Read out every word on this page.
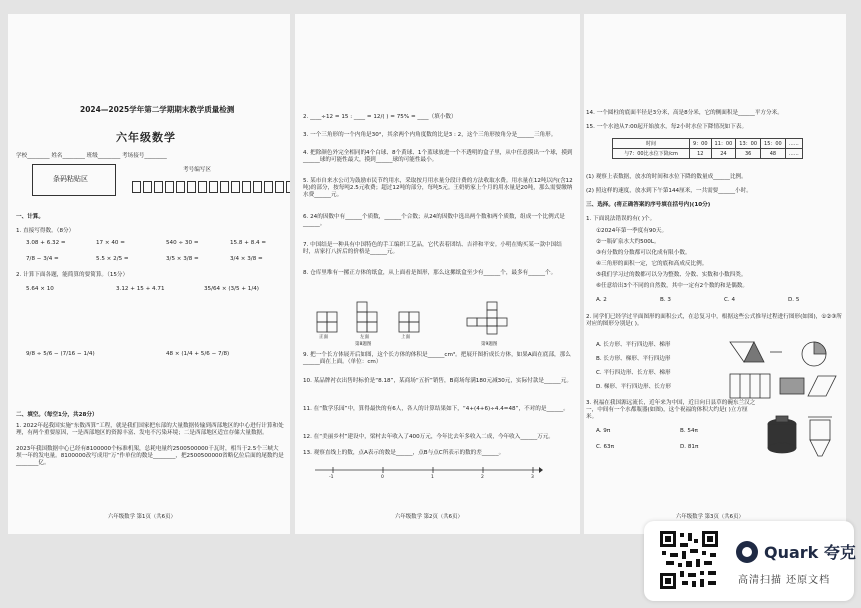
2024—2025学年第二学期期末教学质量检测
六年级数学
学校________ 姓名________ 班级________ 考场接号________
条码粘贴区
考号编写区
一、计算。
1. 直接写得数。（8分）
3.08 + 6.32 =	17 × 40 =	540 ÷ 30 =	15.8 + 8.4 =
7/8 − 3/4 =	5.5 × 2/5 =	3/5 × 3/8 =	3/4 × 3/8 =
2. 计算下面各题，能简算的要简算。（15分）
5.64 × 10	3.12 + 15 + 4.71	35/64 × (3/5 + 1/4)
9/8 ÷ 5/6 − (7/16 − 1/4)	48 × (1/4 + 5/6 − 7/8)
二、填空。（每空1分，共28分）
1. 2022年起我国实施“东数西算”工程，就是我们国家把东部的大量数据传输到西部地区的中心进行计算和处理，有两个重要原因，一是西部地区的资源丰富、发电不污染环境；二是西部地区适宜存储大量数据。
2023年我国数据中心已经有8100000个标准机架，总耗电量约2500500000千瓦时，相当于2.5个三峡大坝一年的发电量。8100000改写成用“万”作单位的数是________，把2500500000省略亿位后面的尾数约是________亿。
六年级数学 第1页（共6页）
2. ____÷12 = 15 : ____ = 12/( ) = 75% = ____（填小数）
3. 一个三角形的一个内角是30°，其余两个内角度数的比是3 : 2，这个三角形按角分是______三角形。
4. 把除颜色外完全相同的4个白球、8个黄球、1个蓝球放进一个不透明的盒子里，从中任意摸出一个球，摸到______球的可能性最大，摸到______球的可能性最小。
5. 某市自来水公司为鼓励市民节约用水，采取按月用水量分段计费的方法收取水费。用水量在12吨以内(含12吨)的部分，按每吨2.5元收费；超过12吨的部分，每吨5元。王奶奶家上个月的用水量是20吨，那么需要缴纳水费______元。
6. 24的因数中有______个质数，______个合数；从24的因数中选出两个数和两个质数，组成一个比例式是______。
7. 中国结是一种具有中国特色的手工编织工艺品，它代表着团结、吉祥和平安。小明在购买某一款中国结时，店家打八折后的价格是______元。
8. 仓库里堆有一摞正方体的纸盒，从上面看是图形，那么这摞纸盒至少有______个，最多有______个。
正面	左面	上面
第8题图	第9题图
9. 把一个长方体展开后如图，这个长方体的体积是______cm³。把展开图折成长方体，如果A面在底部，那么______面在上面。（单位：cm）
10. 某品牌衬衣出售时标价是“8.18”，某商场“五折”销售，B商场每满180元减30元，实际付款是______元。
11. 在“数学乐园”中，算得最快的有6人，各人的计算结果如下，“4+(4+6)÷4.4=48”，不对的是______。
12. 在“美丽乡村”建设中，梁村去年收入了400万元，今年比去年多收入二成，今年收入______万元。
13. 观察直线上的数，点A表示的数是______，点B与点C所表示的数的差______。
-1	0	1	2	3
六年级数学 第2页（共6页）
14. 一个圆柱的底面半径是3分米，高是8分米，它的侧面积是______平方分米。
15. 一个水池从7:00起开始放水，每2小时水位下降情况如下表。
时间	9：00	11：00	13：00	15：00	……
与7：00比水位下降/cm	12	24	36	48	……
(1) 观察上表数据，放水的时间和水位下降的数量成______比例。
(2) 照这样的速度，放水到下午第144厘米，一共需要______小时。
三、选择。(将正确答案的序号填在括号内)(10分)
1. 下面说法错误的有( )个。
①2024年第一季度有90天。
②一瓶矿泉水大约500L。
③有分数的分数都可以化成有限小数。
④三角形的面积一定，它的底和高成反比例。
⑤我们学习过的数都可以分为整数、分数、实数和小数四类。
⑥任意给出3个不同的自然数，其中一定有2个数的和是偶数。
A. 2	B. 3	C. 4	D. 5
2. 同学们已经学过平面图形的面积公式，在总复习中，根据这些公式推导过程进行图形(如图)，①②③所对应的图形分别是( )。
A. 长方形、平行四边形、梯形
B. 长方形、梯形、平行四边形
C. 平行四边形、长方形、梯形
D. 梯形、平行四边形、长方形
3. 祝福在我国源远流长，近年来为中国，近日向日县草的碗东兰汉之一，中间有一个水都瓶器(如图)，这个祝福的体积大约是( )立方厘米。
A. 9π	B. 54π
C. 63π	D. 81π
六年级数学 第3页（共6页）
Quark 夸克
高清扫描 还原文档
